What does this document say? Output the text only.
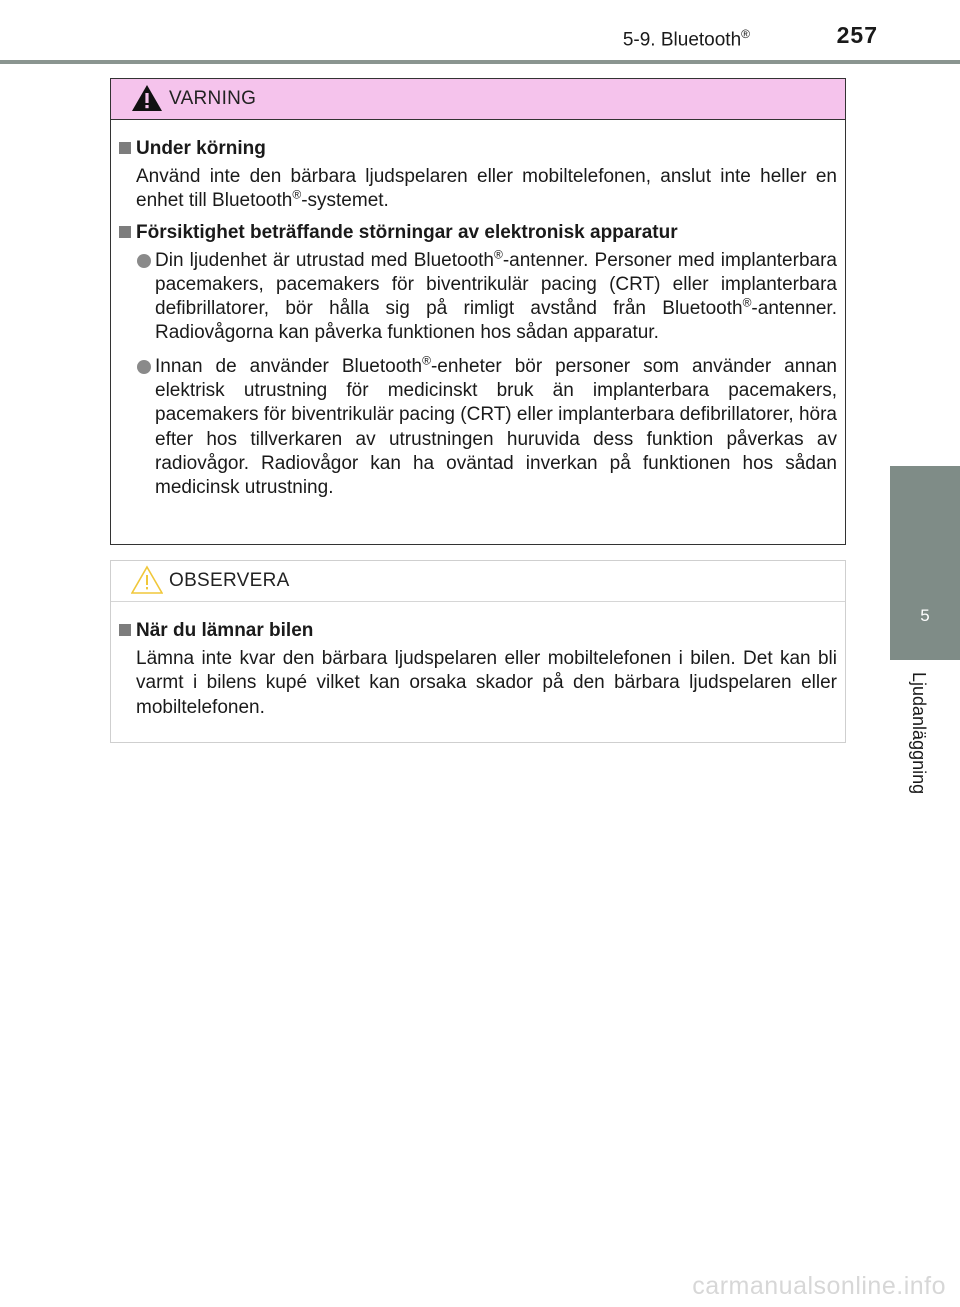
5-9. Bluetooth®	257
5
Ljudanläggning
VARNING
Under körning
Använd inte den bärbara ljudspelaren eller mobiltelefonen, anslut inte heller en enhet till Bluetooth®-systemet.
Försiktighet beträffande störningar av elektronisk apparatur
Din ljudenhet är utrustad med Bluetooth®-antenner. Personer med implanterbara pacemakers, pacemakers för biventrikulär pacing (CRT) eller implanterbara defibrillatorer, bör hålla sig på rimligt avstånd från Bluetooth®-antenner. Radiovågorna kan påverka funktionen hos sådan apparatur.
Innan de använder Bluetooth®-enheter bör personer som använder annan elektrisk utrustning för medicinskt bruk än implanterbara pacemakers, pacemakers för biventrikulär pacing (CRT) eller implanterbara defibrillatorer, höra efter hos tillverkaren av utrustningen huruvida dess funktion påverkas av radiovågor. Radiovågor kan ha oväntad inverkan på funktionen hos sådan medicinsk utrustning.
OBSERVERA
När du lämnar bilen
Lämna inte kvar den bärbara ljudspelaren eller mobiltelefonen i bilen. Det kan bli varmt i bilens kupé vilket kan orsaka skador på den bärbara ljudspelaren eller mobiltelefonen.
carmanualsonline.info
